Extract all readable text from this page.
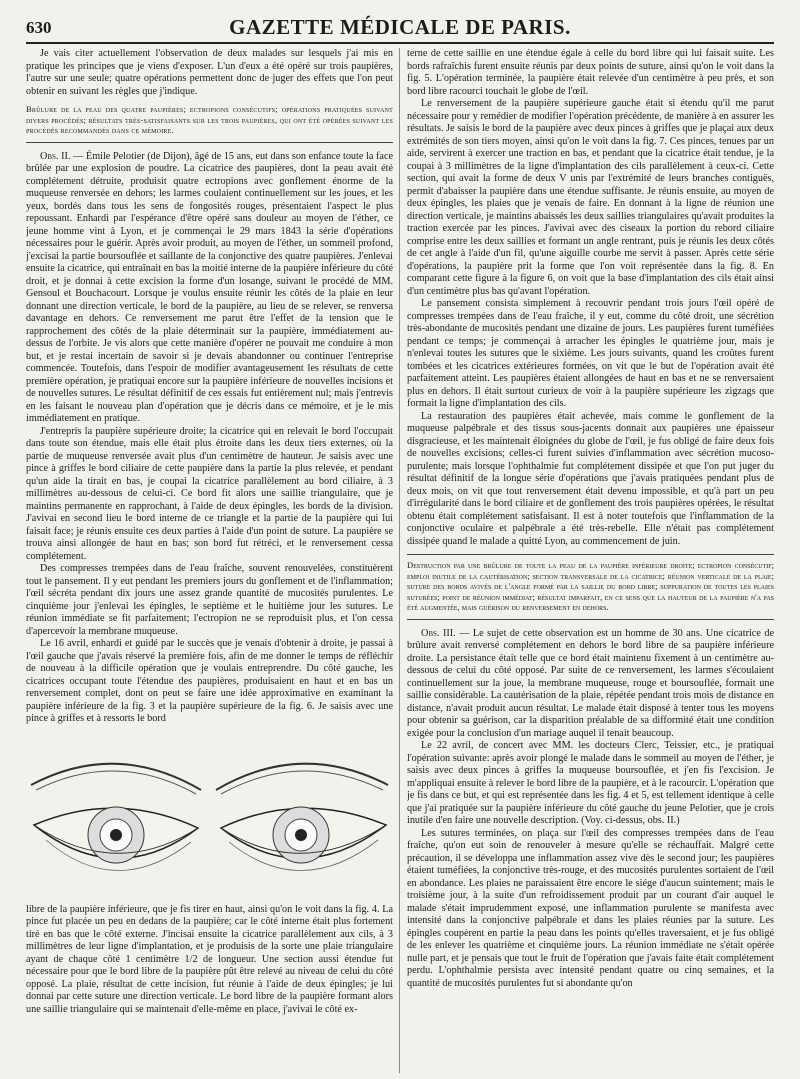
630	GAZETTE MÉDICALE DE PARIS.

Je vais citer actuellement l'observation de deux malades sur lesquels j'ai mis en pratique les principes que je viens d'exposer. L'un d'eux a été opéré sur trois paupières, l'autre sur une seule; quatre opérations permettent donc de juger des effets que l'on peut obtenir en suivant les règles que j'indique.

Brûlure de la peau des quatre paupières; ectropions consécutifs; opérations pratiquées suivant divers procédés; résultats très-satisfaisants sur les trois paupières, qui ont été opérées suivant les procédés recommandés dans ce mémoire.

Obs. II. — Émile Pelotier (de Dijon), âgé de 15 ans, eut dans son enfance toute la face brûlée par une explosion de poudre. La cicatrice des paupières, dont la peau avait été complétement détruite, produisit quatre ectropions avec gonflement énorme de la muqueuse renversée en dehors; les larmes coulaient continuellement sur les joues, et les yeux, bordés dans tous les sens de fongosités rouges, présentaient l'aspect le plus repoussant. Enhardi par l'espérance d'être opéré sans douleur au moyen de l'éther, ce jeune homme vint à Lyon, et je commençai le 29 mars 1843 la série d'opérations nécessaires pour le guérir. Après avoir produit, au moyen de l'éther, un sommeil profond, j'excisai la partie boursouflée et saillante de la conjonctive des quatre paupières. J'enlevai ensuite la cicatrice, qui entraînait en bas la moitié interne de la paupière inférieure du côté droit, et je donnai à cette excision la forme d'un losange, suivant le procédé de MM. Gensoul et Bouchacourt. Lorsque je voulus ensuite réunir les côtés de la plaie en leur donnant une direction verticale, le bord de la paupière, au lieu de se relever, se renversa davantage en dehors. Ce renversement me parut être l'effet de la tension que le rapprochement des côtés de la plaie déterminait sur la paupière, immédiatement au-dessus de l'orbite. Je vis alors que cette manière d'opérer ne pouvait me conduire à mon but, et je restai incertain de savoir si je devais abandonner ou continuer l'entreprise commencée. Toutefois, dans l'espoir de modifier avantageusement les résultats de cette première opération, je pratiquai encore sur la paupière inférieure de nouvelles incisions et de nouvelles sutures. Le résultat définitif de ces essais fut entièrement nul; mais j'entrevis en les faisant le nouveau plan d'opération que je décris dans ce mémoire, et je le mis immédiatement en pratique.

J'entrepris la paupière supérieure droite; la cicatrice qui en relevait le bord l'occupait dans toute son étendue, mais elle était plus étroite dans les deux tiers externes, où la partie de muqueuse renversée avait plus d'un centimètre de hauteur. Je saisis avec une pince à griffes le bord ciliaire de cette paupière dans la partie la plus relevée, et pendant qu'un aide la tirait en bas, je coupai la cicatrice parallèlement au bord ciliaire, à 3 millimètres au-dessous de celui-ci. Ce bord fit alors une saillie triangulaire, que je maintins permanente en rapprochant, à l'aide de deux épingles, les bords de la division. J'avivai en second lieu le bord interne de ce triangle et la partie de la paupière qui lui faisait face; je réunis ensuite ces deux parties à l'aide d'un point de suture. La paupière se trouva ainsi allongée de haut en bas; son bord fut rétréci, et le renversement cessa complétement.

Des compresses trempées dans de l'eau fraîche, souvent renouvelées, constituèrent tout le pansement. Il y eut pendant les premiers jours du gonflement et de l'inflammation; l'œil sécréta pendant dix jours une assez grande quantité de mucosités purulentes. Le cinquième jour j'enlevai les épingles, le septième et le huitième jour les sutures. Le réunion immédiate se fit parfaitement; l'ectropion ne se reproduisit plus, et l'on cessa d'apercevoir la membrane muqueuse.

Le 16 avril, enhardi et guidé par le succès que je venais d'obtenir à droite, je passai à l'œil gauche que j'avais réservé la première fois, afin de me donner le temps de réfléchir de nouveau à la difficile opération que je voulais entreprendre. Du côté gauche, les cicatrices occupant toute l'étendue des paupières, produisaient en haut et en bas un renversement complet, dont on peut se faire une idée approximative en examinant la paupière inférieure de la fig. 3 et la paupière supérieure de la fig. 6. Je saisis avec une pince à griffes et à ressorts le bord

libre de la paupière inférieure, que je fis tirer en haut, ainsi qu'on le voit dans la fig. 4. La pince fut placée un peu en dedans de la paupière; car le côté interne était plus fortement tiré en bas que le côté externe. J'incisai ensuite la cicatrice parallèlement aux cils, à 3 millimètres de leur ligne d'implantation, et je produisis de la sorte une plaie triangulaire ayant de chaque côté 1 centimètre 1/2 de longueur. Une section aussi étendue fut nécessaire pour que le bord libre de la paupière pût être relevé au niveau de celui du côté opposé. La plaie, résultat de cette incision, fut réunie à l'aide de deux épingles; je lui donnai par cette suture une direction verticale. Le bord libre de la paupière formant alors une saillie triangulaire qui se maintenait d'elle-même en place, j'avivai le côté ex-

terne de cette saillie en une étendue égale à celle du bord libre qui lui faisait suite. Les bords rafraîchis furent ensuite réunis par deux points de suture, ainsi qu'on le voit dans la fig. 5. L'opération terminée, la paupière était relevée d'un centimètre à peu près, et son bord libre racourci touchait le globe de l'œil.

Le renversement de la paupière supérieure gauche était si étendu qu'il me parut nécessaire pour y remédier de modifier l'opération précédente, de manière à en assurer les résultats. Je saisis le bord de la paupière avec deux pinces à griffes que je plaçai aux deux extrémités de son tiers moyen, ainsi qu'on le voit dans la fig. 7. Ces pinces, tenues par un aide, servirent à exercer une traction en bas, et pendant que la cicatrice était tendue, je la coupai à 3 millimètres de la ligne d'implantation des cils parallèlement à ceux-ci. Cette section, qui avait la forme de deux V unis par l'extrémité de leurs branches contiguës, permit d'abaisser la paupière dans une étendue suffisante. Je réunis ensuite, au moyen de deux épingles, les plaies que je venais de faire. En donnant à la ligne de réunion une direction verticale, je maintins abaissés les deux saillies triangulaires qu'avait produites la traction exercée par les pinces. J'avivai avec des ciseaux la portion du rebord ciliaire comprise entre les deux saillies et formant un angle rentrant, puis je réunis les deux côtés de cet angle à l'aide d'un fil, qu'une aiguille courbe me servit à passer. Après cette série d'opérations, la paupière prit la forme que l'on voit représentée dans la fig. 8. En comparant cette figure à la figure 6, on voit que la base d'implantation des cils était ainsi d'un centimètre plus bas qu'avant l'opération.

Le pansement consista simplement à recouvrir pendant trois jours l'œil opéré de compresses trempées dans de l'eau fraîche, il y eut, comme du côté droit, une sécrétion très-abondante de mucosités pendant une dizaine de jours. Les paupières furent tuméfiées pendant ce temps; je commençai à arracher les épingles le quatrième jour, mais je n'enlevai toutes les sutures que le sixième. Les jours suivants, quand les croûtes furent tombées et les cicatrices extérieures formées, on vit que le but de l'opération avait été parfaitement atteint. Les paupières étaient allongées de haut en bas et ne se renversaient plus en dehors. Il était surtout curieux de voir à la paupière supérieure les zigzags que formait la ligne d'implantation des cils.

La restauration des paupières était achevée, mais comme le gonflement de la muqueuse palpébrale et des tissus sous-jacents donnait aux paupières une épaisseur disgracieuse, et les maintenait éloignées du globe de l'œil, je fus obligé de faire deux fois de nouvelles excisions; celles-ci furent suivies d'inflammation avec sécrétion mucoso-purulente; mais lorsque l'ophthalmie fut complétement dissipée et que l'on put juger du résultat définitif de la longue série d'opérations que j'avais pratiquées pendant plus de deux mois, on vit que tout renversement était devenu impossible, et qu'à part un peu d'irrégularité dans le bord ciliaire et de gonflement des trois paupières opérées, le résultat obtenu était complétement satisfaisant. Il est à noter toutefois que l'inflammation de la conjonctive oculaire et palpébrale a été très-rebelle. Elle n'était pas complétement dissipée quand le malade a quitté Lyon, au commencement de juin.

Destruction par une brûlure de toute la peau de la paupière inférieure droite; ectropion consécutif; emploi inutile de la cautérisation; section transversale de la cicatrice; réunion verticale de la plaie; suture des bords avivés de l'angle formé par la saillie du bord libre; suppuration de toutes les plaies suturées; point de réunion immédiat; résultat imparfait, en ce sens que la hauteur de la paupière n'a pas été augmentée, mais guérison du renversement en dehors.

Obs. III. — Le sujet de cette observation est un homme de 30 ans. Une cicatrice de brûlure avait renversé complétement en dehors le bord libre de sa paupière inférieure droite. La persistance était telle que ce bord était maintenu fixement à un centimètre au-dessous de celui du côté opposé. Par suite de ce renversement, les larmes s'écoulaient continuellement sur la joue, la membrane muqueuse, rouge et boursouflée, formait une saillie considérable. La cautérisation de la plaie, répétée pendant trois mois de distance en distance, n'avait produit aucun résultat. Le malade était disposé à tenter tous les moyens pour obtenir sa guérison, car la disparition préalable de sa difformité était une condition exigée pour la conclusion d'un mariage auquel il tenait beaucoup.

Le 22 avril, de concert avec MM. les docteurs Clerc, Teissier, etc., je pratiquai l'opération suivante: après avoir plongé le malade dans le sommeil au moyen de l'éther, je saisis avec deux pinces à griffes la muqueuse boursouflée, et j'en fis l'excision. Je m'appliquai ensuite à relever le bord libre de la paupière, et à le racourcir. L'opération que je fis dans ce but, et qui est représentée dans les fig. 4 et 5, est tellement identique à celle que j'ai pratiquée sur la paupière inférieure du côté gauche du jeune Pelotier, que je crois inutile d'en faire une nouvelle description. (Voy. ci-dessus, obs. II.)

Les sutures terminées, on plaça sur l'œil des compresses trempées dans de l'eau fraîche, qu'on eut soin de renouveler à mesure qu'elle se réchauffait. Malgré cette précaution, il se développa une inflammation assez vive dès le second jour; les paupières étaient tuméfiées, la conjonctive très-rouge, et des mucosités purulentes sortaient de l'œil en abondance. Les plaies ne paraissaient être encore le siége d'aucun suintement; mais le troisième jour, à la suite d'un refroidissement produit par un courant d'air auquel le malade s'était imprudemment exposé, une inflammation purulente se manifesta avec intensité dans la conjonctive palpébrale et dans les plaies réunies par la suture. Les épingles coupèrent en partie la peau dans les points qu'elles traversaient, et je fus obligé de les enlever les quatrième et cinquième jours. La réunion immédiate ne s'était opérée nulle part, et je pensais que tout le fruit de l'opération que j'avais faite était complétement perdu. L'ophthalmie persista avec intensité pendant quatre ou cinq semaines, et la quantité de mucosités purulentes fut si abondante qu'on
